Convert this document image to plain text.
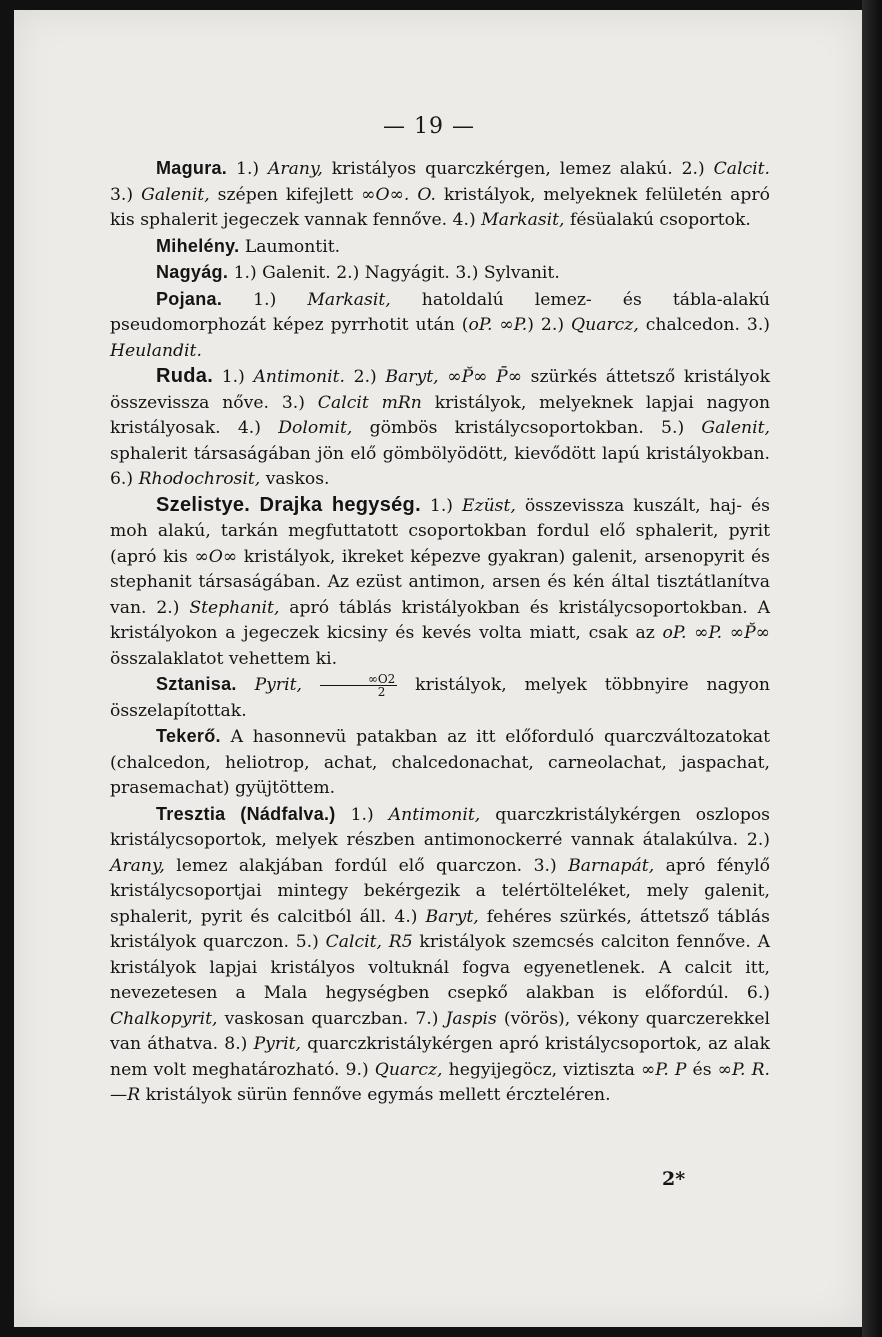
— 19 —

Magura. 1.) Arany, kristályos quarczkérgen, lemez alakú. 2.) Calcit. 3.) Galenit, szépen kifejlett ∞O∞. O. kristályok, melyeknek felületén apró kis sphalerit jegeczek vannak fennőve. 4.) Markasit, fésüalakú csoportok.

Mihelény. Laumontit.

Nagyág. 1.) Galenit. 2.) Nagyágit. 3.) Sylvanit.

Pojana. 1.) Markasit, hatoldalú lemez- és tábla-alakú pseudomorphozát képez pyrrhotit után (oP. ∞P.) 2.) Quarcz, chalcedon. 3.) Heulandit.

Ruda. 1.) Antimonit. 2.) Baryt, ∞P̆∞ P̄∞ szürkés áttetsző kristályok összevissza nőve. 3.) Calcit mRn kristályok, melyeknek lapjai nagyon kristályosak. 4.) Dolomit, gömbös kristálycsoportokban. 5.) Galenit, sphalerit társaságában jön elő gömbölyödött, kievődött lapú kristályokban. 6.) Rhodochrosit, vaskos.

Szelistye. Drajka hegység. 1.) Ezüst, összevissza kuszált, haj- és moh alakú, tarkán megfuttatott csoportokban fordul elő sphalerit, pyrit (apró kis ∞O∞ kristályok, ikreket képezve gyakran) galenit, arsenopyrit és stephanit társaságában. Az ezüst antimon, arsen és kén által tisztátlanítva van. 2.) Stephanit, apró táblás kristályokban és kristálycsoportokban. A kristályokon a jegeczek kicsiny és kevés volta miatt, csak az oP. ∞P. ∞P̆∞ összalaklatot vehettem ki.

Sztanisa. Pyrit, $\frac{\infty O2}{2}$ kristályok, melyek többnyire nagyon összelapítottak.

Tekerő. A hasonnevü patakban az itt előforduló quarczváltozatokat (chalcedon, heliotrop, achat, chalcedonachat, carneolachat, jaspachat, prasemachat) gyüjtöttem.

Tresztia (Nádfalva.) 1.) Antimonit, quarczkristálykérgen oszlopos kristálycsoportok, melyek részben antimonockerré vannak átalakúlva. 2.) Arany, lemez alakjában fordúl elő quarczon. 3.) Barnapát, apró fénylő kristálycsoportjai mintegy bekérgezik a telértölteléket, mely galenit, sphalerit, pyrit és calcitból áll. 4.) Baryt, fehéres szürkés, áttetsző táblás kristályok quarczon. 5.) Calcit, R5 kristályok szemcsés calciton fennőve. A kristályok lapjai kristályos voltuknál fogva egyenetlenek. A calcit itt, nevezetesen a Mala hegységben csepkő alakban is előfordúl. 6.) Chalkopyrit, vaskosan quarczban. 7.) Jaspis (vörös), vékony quarczerekkel van áthatva. 8.) Pyrit, quarczkristálykérgen apró kristálycsoportok, az alak nem volt meghatározható. 9.) Quarcz, hegyijegöcz, viztiszta ∞P. P és ∞P. R. —R kristályok sürün fennőve egymás mellett érczteléren.

2*
